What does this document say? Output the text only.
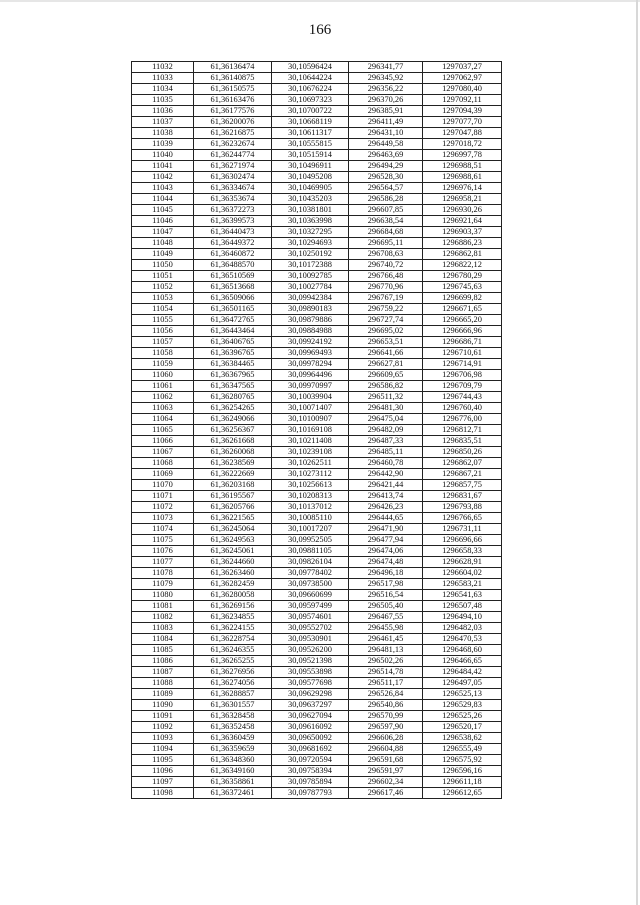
166
11032	61,36136474	30,10596424	296341,77	1297037,27
11033	61,36140875	30,10644224	296345,92	1297062,97
11034	61,36150575	30,10676224	296356,22	1297080,40
11035	61,36163476	30,10697323	296370,26	1297092,11
11036	61,36177576	30,10700722	296385,91	1297094,39
11037	61,36200076	30,10668119	296411,49	1297077,70
11038	61,36216875	30,10611317	296431,10	1297047,88
11039	61,36232674	30,10555815	296449,58	1297018,72
11040	61,36244774	30,10515914	296463,69	1296997,78
11041	61,36271974	30,10496911	296494,29	1296988,51
11042	61,36302474	30,10495208	296528,30	1296988,61
11043	61,36334674	30,10469905	296564,57	1296976,14
11044	61,36353674	30,10435203	296586,28	1296958,21
11045	61,36372273	30,10381801	296607,85	1296930,26
11046	61,36399573	30,10363998	296638,54	1296921,64
11047	61,36440473	30,10327295	296684,68	1296903,37
11048	61,36449372	30,10294693	296695,11	1296886,23
11049	61,36460872	30,10250192	296708,63	1296862,81
11050	61,36488570	30,10172388	296740,72	1296822,12
11051	61,36510569	30,10092785	296766,48	1296780,29
11052	61,36513668	30,10027784	296770,96	1296745,63
11053	61,36509066	30,09942384	296767,19	1296699,82
11054	61,36501165	30,09890183	296759,22	1296671,65
11055	61,36472765	30,09879886	296727,74	1296665,20
11056	61,36443464	30,09884988	296695,02	1296666,96
11057	61,36406765	30,09924192	296653,51	1296686,71
11058	61,36396765	30,09969493	296641,66	1296710,61
11059	61,36384465	30,09978294	296627,81	1296714,91
11060	61,36367965	30,09964496	296609,65	1296706,98
11061	61,36347565	30,09970997	296586,82	1296709,79
11062	61,36280765	30,10039904	296511,32	1296744,43
11063	61,36254265	30,10071407	296481,30	1296760,40
11064	61,36249066	30,10100907	296475,04	1296776,00
11065	61,36256367	30,10169108	296482,09	1296812,71
11066	61,36261668	30,10211408	296487,33	1296835,51
11067	61,36260068	30,10239108	296485,11	1296850,26
11068	61,36238569	30,10262511	296460,78	1296862,07
11069	61,36222669	30,10273112	296442,90	1296867,21
11070	61,36203168	30,10256613	296421,44	1296857,75
11071	61,36195567	30,10208313	296413,74	1296831,67
11072	61,36205766	30,10137012	296426,23	1296793,88
11073	61,36221565	30,10085110	296444,65	1296766,65
11074	61,36245064	30,10017207	296471,90	1296731,11
11075	61,36249563	30,09952505	296477,94	1296696,66
11076	61,36245061	30,09881105	296474,06	1296658,33
11077	61,36244660	30,09826104	296474,48	1296628,91
11078	61,36263460	30,09778402	296496,18	1296604,02
11079	61,36282459	30,09738500	296517,98	1296583,21
11080	61,36280058	30,09660699	296516,54	1296541,63
11081	61,36269156	30,09597499	296505,40	1296507,48
11082	61,36234855	30,09574601	296467,55	1296494,10
11083	61,36224155	30,09552702	296455,98	1296482,03
11084	61,36228754	30,09530901	296461,45	1296470,53
11085	61,36246355	30,09526200	296481,13	1296468,60
11086	61,36265255	30,09521398	296502,26	1296466,65
11087	61,36276956	30,09553898	296514,78	1296484,42
11088	61,36274056	30,09577698	296511,17	1296497,05
11089	61,36288857	30,09629298	296526,84	1296525,13
11090	61,36301557	30,09637297	296540,86	1296529,83
11091	61,36328458	30,09627094	296570,99	1296525,26
11092	61,36352458	30,09616092	296597,90	1296520,17
11093	61,36360459	30,09650092	296606,28	1296538,62
11094	61,36359659	30,09681692	296604,88	1296555,49
11095	61,36348360	30,09720594	296591,68	1296575,92
11096	61,36349160	30,09758394	296591,97	1296596,16
11097	61,36358861	30,09785894	296602,34	1296611,18
11098	61,36372461	30,09787793	296617,46	1296612,65
